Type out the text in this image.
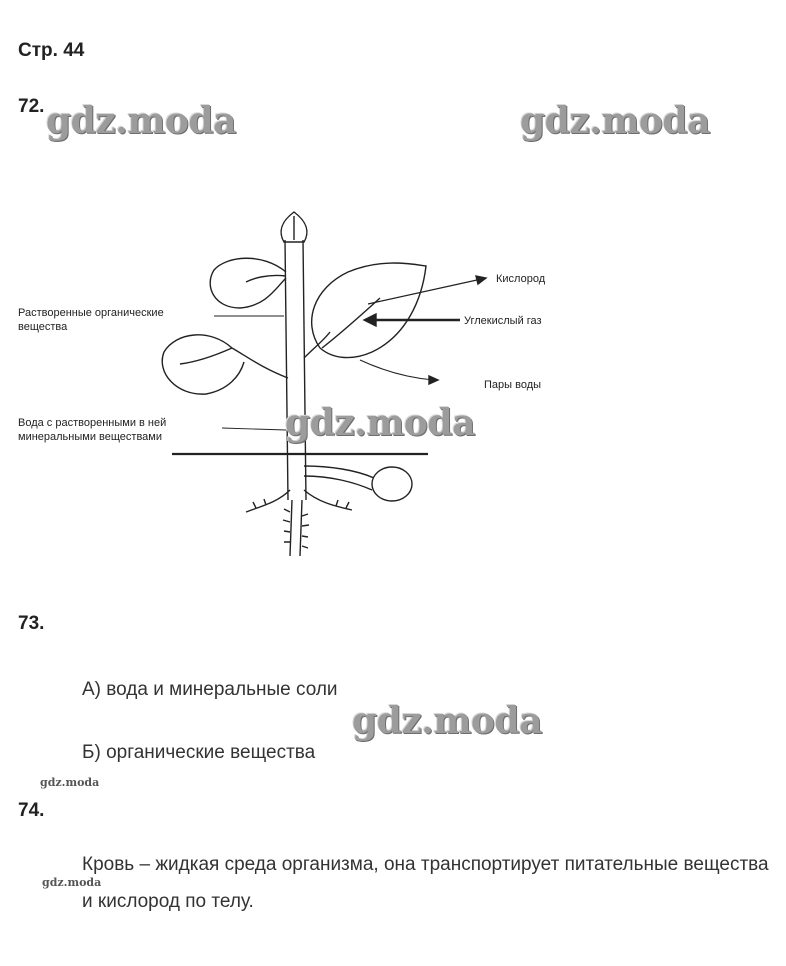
Стр. 44
72. gdz.moda	gdz.moda
Кислород
Углекислый газ
Пары воды
Растворенные органические
вещества
Вода с растворенными в ней
минеральными веществами	gdz.moda
73.
А) вода и минеральные соли
gdz.moda
Б) органические вещества
gdz.moda
74.
gdz.moda
Кровь – жидкая среда организма, она транспортирует питательные вещества и кислород по телу.
